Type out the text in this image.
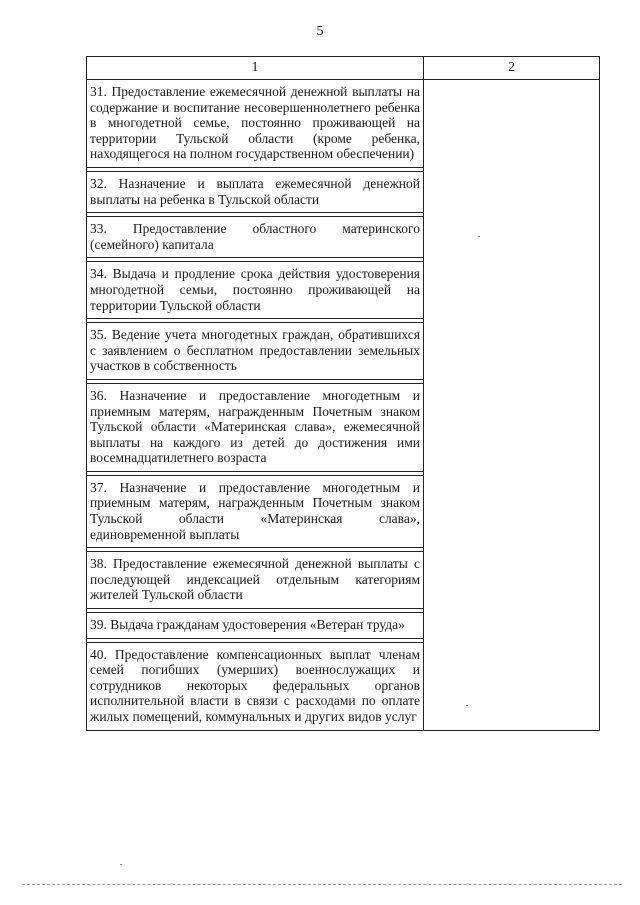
5
1	2
31. Предоставление ежемесячной денежной выплаты на содержание и воспитание несовершеннолетнего ребенка в многодетной семье, постоянно проживающей на территории Тульской области (кроме ребенка, находящегося на полном государственном обеспечении)	

32. Назначение и выплата ежемесячной денежной выплаты на ребенка в Тульской области	

33. Предоставление областного материнского (семейного) капитала	

34. Выдача и продление срока действия удостоверения многодетной семьи, постоянно проживающей на территории Тульской области	

35. Ведение учета многодетных граждан, обратившихся с заявлением о бесплатном предоставлении земельных участков в собственность	

36. Назначение и предоставление многодетным и приемным матерям, награжденным Почетным знаком Тульской области «Материнская слава», ежемесячной выплаты на каждого из детей до достижения ими восемнадцатилетнего возраста	

37. Назначение и предоставление многодетным и приемным матерям, награжденным Почетным знаком Тульской области «Материнская слава», единовременной выплаты	

38. Предоставление ежемесячной денежной выплаты с последующей индексацией отдельным категориям жителей Тульской области	

39. Выдача гражданам удостоверения «Ветеран труда»	

40. Предоставление компенсационных выплат членам семей погибших (умерших) военнослужащих и сотрудников некоторых федеральных органов исполнительной власти в связи с расходами по оплате жилых помещений, коммунальных и других видов услуг	
